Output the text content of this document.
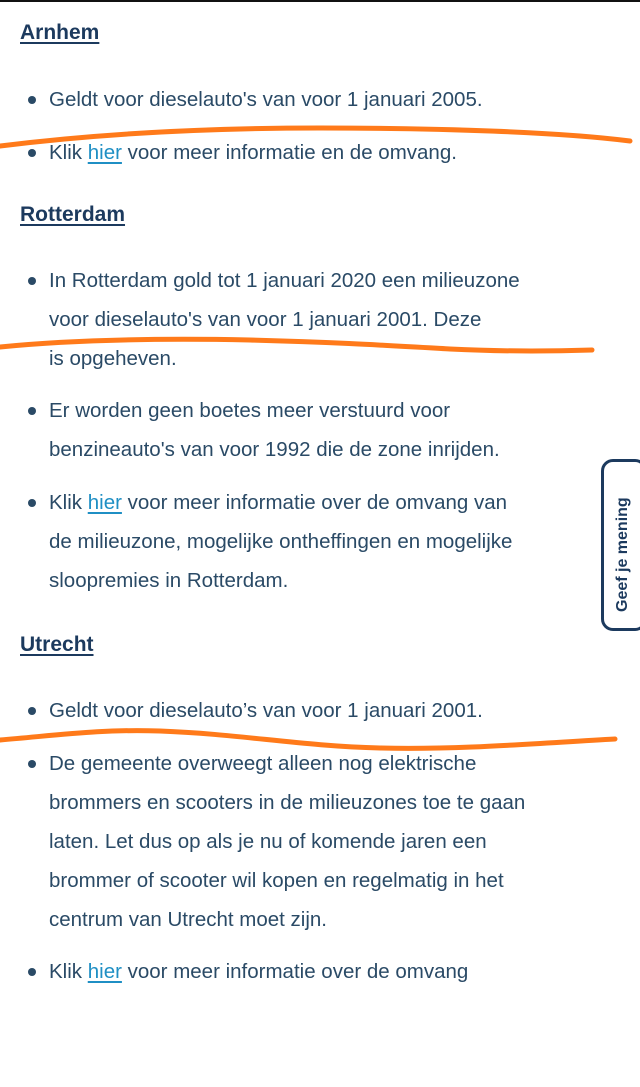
Arnhem
Geldt voor dieselauto's van voor 1 januari 2005.
Klik hier voor meer informatie en de omvang.
Rotterdam
In Rotterdam gold tot 1 januari 2020 een milieuzone
voor dieselauto's van voor 1 januari 2001. Deze
is opgeheven.
Er worden geen boetes meer verstuurd voor
benzineauto's van voor 1992 die de zone inrijden.
Klik hier voor meer informatie over de omvang van
de milieuzone, mogelijke ontheffingen en mogelijke
sloopremies in Rotterdam.
Utrecht
Geldt voor dieselauto’s van voor 1 januari 2001.
De gemeente overweegt alleen nog elektrische
brommers en scooters in de milieuzones toe te gaan
laten. Let dus op als je nu of komende jaren een
brommer of scooter wil kopen en regelmatig in het
centrum van Utrecht moet zijn.
Klik hier voor meer informatie over de omvang
Geef je mening
